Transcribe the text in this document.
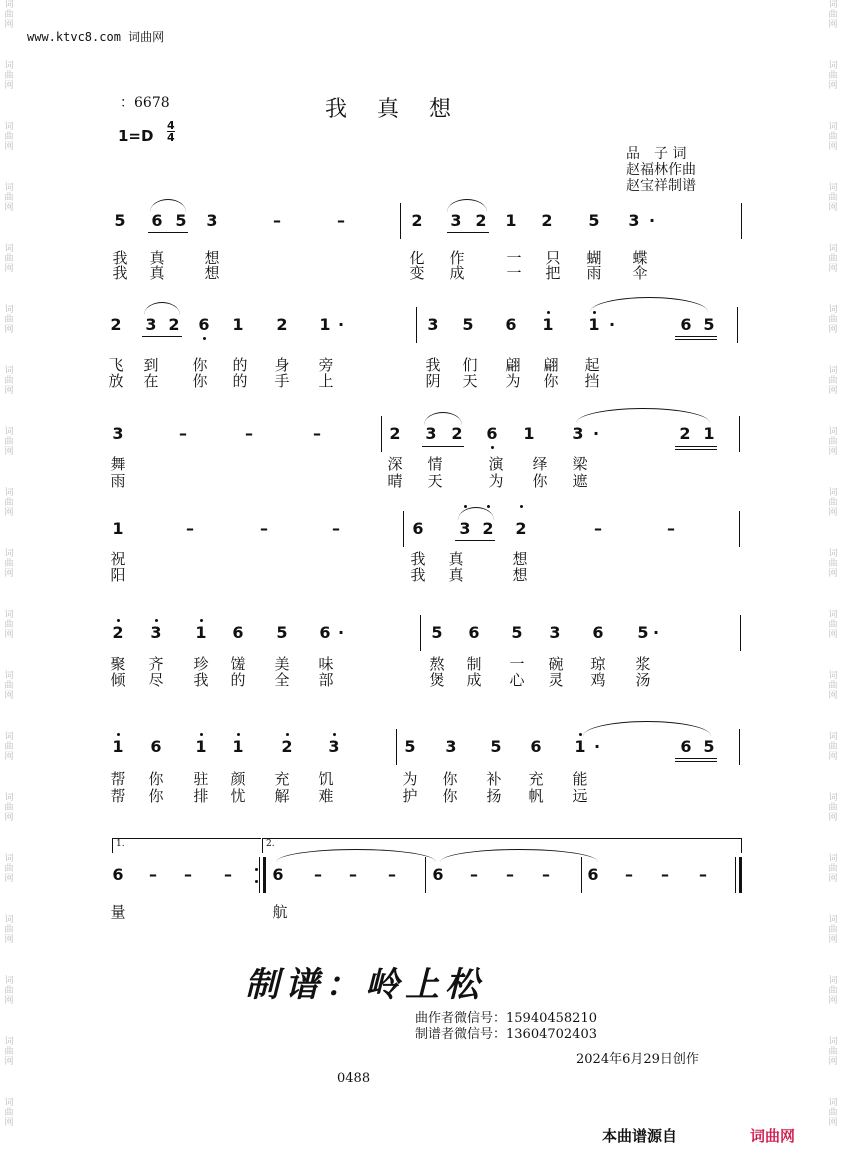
词
曲
网
词
曲
网
词
曲
网
词
曲
网
词
曲
网
词
曲
网
词
曲
网
词
曲
网
词
曲
网
词
曲
网
词
曲
网
词
曲
网
词
曲
网
词
曲
网
词
曲
网
词
曲
网
词
曲
网
词
曲
网
词
曲
网
词
曲
网
词
曲
网
词
曲
网
词
曲
网
词
曲
网
词
曲
网
词
曲
网
词
曲
网
词
曲
网
词
曲
网
词
曲
网
词
曲
网
词
曲
网
词
曲
网
词
曲
网
词
曲
网
词
曲
网
词
曲
网
词
曲
网
www.ktvc8.com 词曲网
：6678	我　真　想
1=D
4
4
品　子 词
赵福林作曲
赵宝祥制谱
5	6 5	3	–	–	2	3 2	1	2	5	3 ·
我 真	想	化 作	一 只 蝴 蝶
我 真	想	变 成	一 把 雨 伞
2	3 2	6	1	2	1 ·	3	5	6	1	1 ·	6 5
飞 到 你 的 身 旁	我 们 翩 翩 起
放 在 你 的 手 上	阴 天 为 你 挡
3	–	–	–	2	3 2	6	1	3 ·	2 1
舞	深 情	演 绎 梁
雨	晴 天	为 你 遮
1	–	–	–	6	3 2	2	–	–
祝	我 真	想
阳	我 真	想
2	3	1	6	5	6 ·	5	6	5	3	6	5 ·
聚 齐 珍 馐 美 味	熬 制 一 碗 琼 浆
倾 尽 我 的 全 部	煲 成 心 灵 鸡 汤
1	6	1	1	2	3	5	3	5	6	1 ·	6 5
帮 你 驻 颜 充 饥	为 你 补 充 能
帮 你 排 忧 解 难	护 你 扬 帆 远
6	–	–	–	6	–	–	–	6	–	–	–	6	–	–	–
量	航
$^{1.}$	$^{2.}$
制谱：岭上松
曲作者微信号：15940458210
制谱者微信号：13604702403
2024年6月29日创作
0488
本曲谱源自	词曲网
